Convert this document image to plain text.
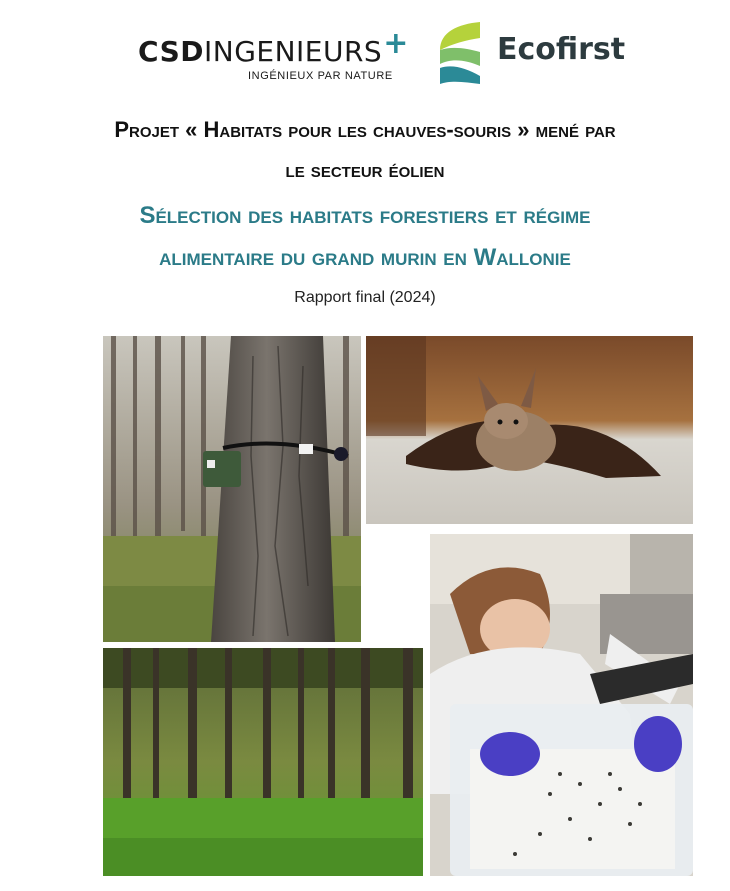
CSDINGENIEURS+
INGÉNIEUX PAR NATURE
Ecofirst
Projet « Habitats pour les chauves-souris » mené par
le secteur éolien
Sélection des habitats forestiers et régime
alimentaire du grand murin en Wallonie
Rapport final (2024)
